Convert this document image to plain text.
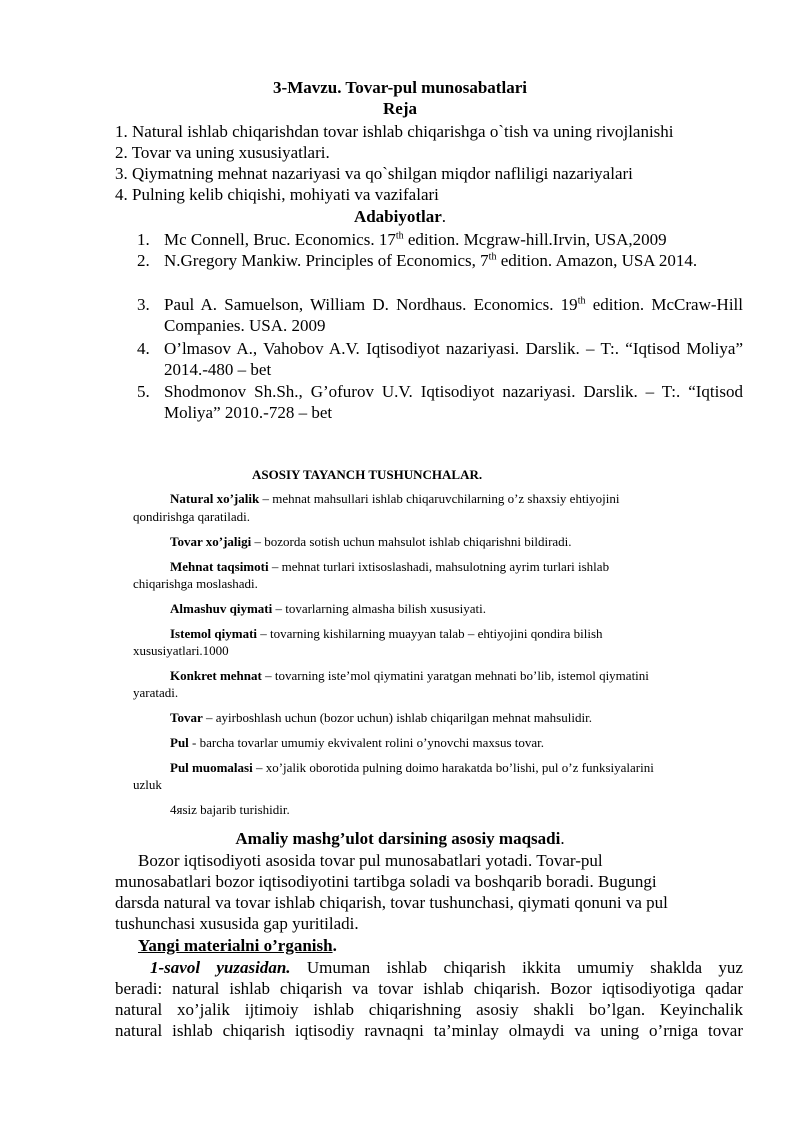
3-Mavzu. Tovar-pul munosabatlari
Reja
1. Natural ishlab chiqarishdan tovar ishlab chiqarishga o`tish va uning rivojlanishi
2. Tovar va uning xususiyatlari.
3. Qiymatning mehnat nazariyasi va qo`shilgan miqdor nafliligi nazariyalari
4. Pulning kelib chiqishi, mohiyati va vazifalari
Adabiyotlar.
1. Mc Connell, Bruc. Economics. 17th edition. Mcgraw-hill.Irvin, USA,2009
2. N.Gregory Mankiw. Principles of Economics, 7th edition. Amazon, USA 2014.
3. Paul A. Samuelson, William D. Nordhaus. Economics. 19th edition. McCraw-Hill Companies. USA. 2009
4. O’lmasov A., Vahobov A.V. Iqtisodiyot nazariyasi. Darslik. – T:. “Iqtisod Moliya” 2014.-480 – bet
5. Shodmonov Sh.Sh., G’ofurov U.V. Iqtisodiyot nazariyasi. Darslik. – T:. “Iqtisod Moliya” 2010.-728 – bet
ASOSIY TAYANCH TUSHUNCHALAR.
Natural xo’jalik – mehnat mahsullari ishlab chiqaruvchilarning o’z shaxsiy ehtiyojini
qondirishga qaratiladi.
Tovar xo’jaligi – bozorda sotish uchun mahsulot ishlab chiqarishni bildiradi.
Mehnat taqsimoti – mehnat turlari ixtisoslashadi, mahsulotning ayrim turlari ishlab
chiqarishga moslashadi.
Almashuv qiymati – tovarlarning almasha bilish xususiyati.
Istemol qiymati – tovarning kishilarning muayyan talab – ehtiyojini qondira bilish
xususiyatlari.1000
Konkret mehnat – tovarning iste’mol qiymatini yaratgan mehnati bo’lib, istemol qiymatini
yaratadi.
Tovar – ayirboshlash uchun (bozor uchun) ishlab chiqarilgan mehnat mahsulidir.
Pul - barcha tovarlar umumiy ekvivalent rolini o’ynovchi maxsus tovar.
Pul muomalasi – xo’jalik oborotida pulning doimo harakatda bo’lishi, pul o’z funksiyalarini
uzluk
4яsiz bajarib turishidir.
Amaliy mashg’ulot darsining asosiy maqsadi.
Bozor iqtisodiyoti asosida tovar pul munosabatlari yotadi. Tovar-pul
munosabatlari bozor iqtisodiyotini tartibga soladi va boshqarib boradi. Bugungi
darsda natural va tovar ishlab chiqarish, tovar tushunchasi, qiymati qonuni va pul
tushunchasi xususida gap yuritiladi.
Yangi materialni o’rganish.
1-savol yuzasidan. Umuman ishlab chiqarish ikkita umumiy shaklda yuz
beradi: natural ishlab chiqarish va tovar ishlab chiqarish. Bozor iqtisodiyotiga qadar
natural xo’jalik ijtimoiy ishlab chiqarishning asosiy shakli bo’lgan. Keyinchalik
natural ishlab chiqarish iqtisodiy ravnaqni ta’minlay olmaydi va uning o’rniga tovar
